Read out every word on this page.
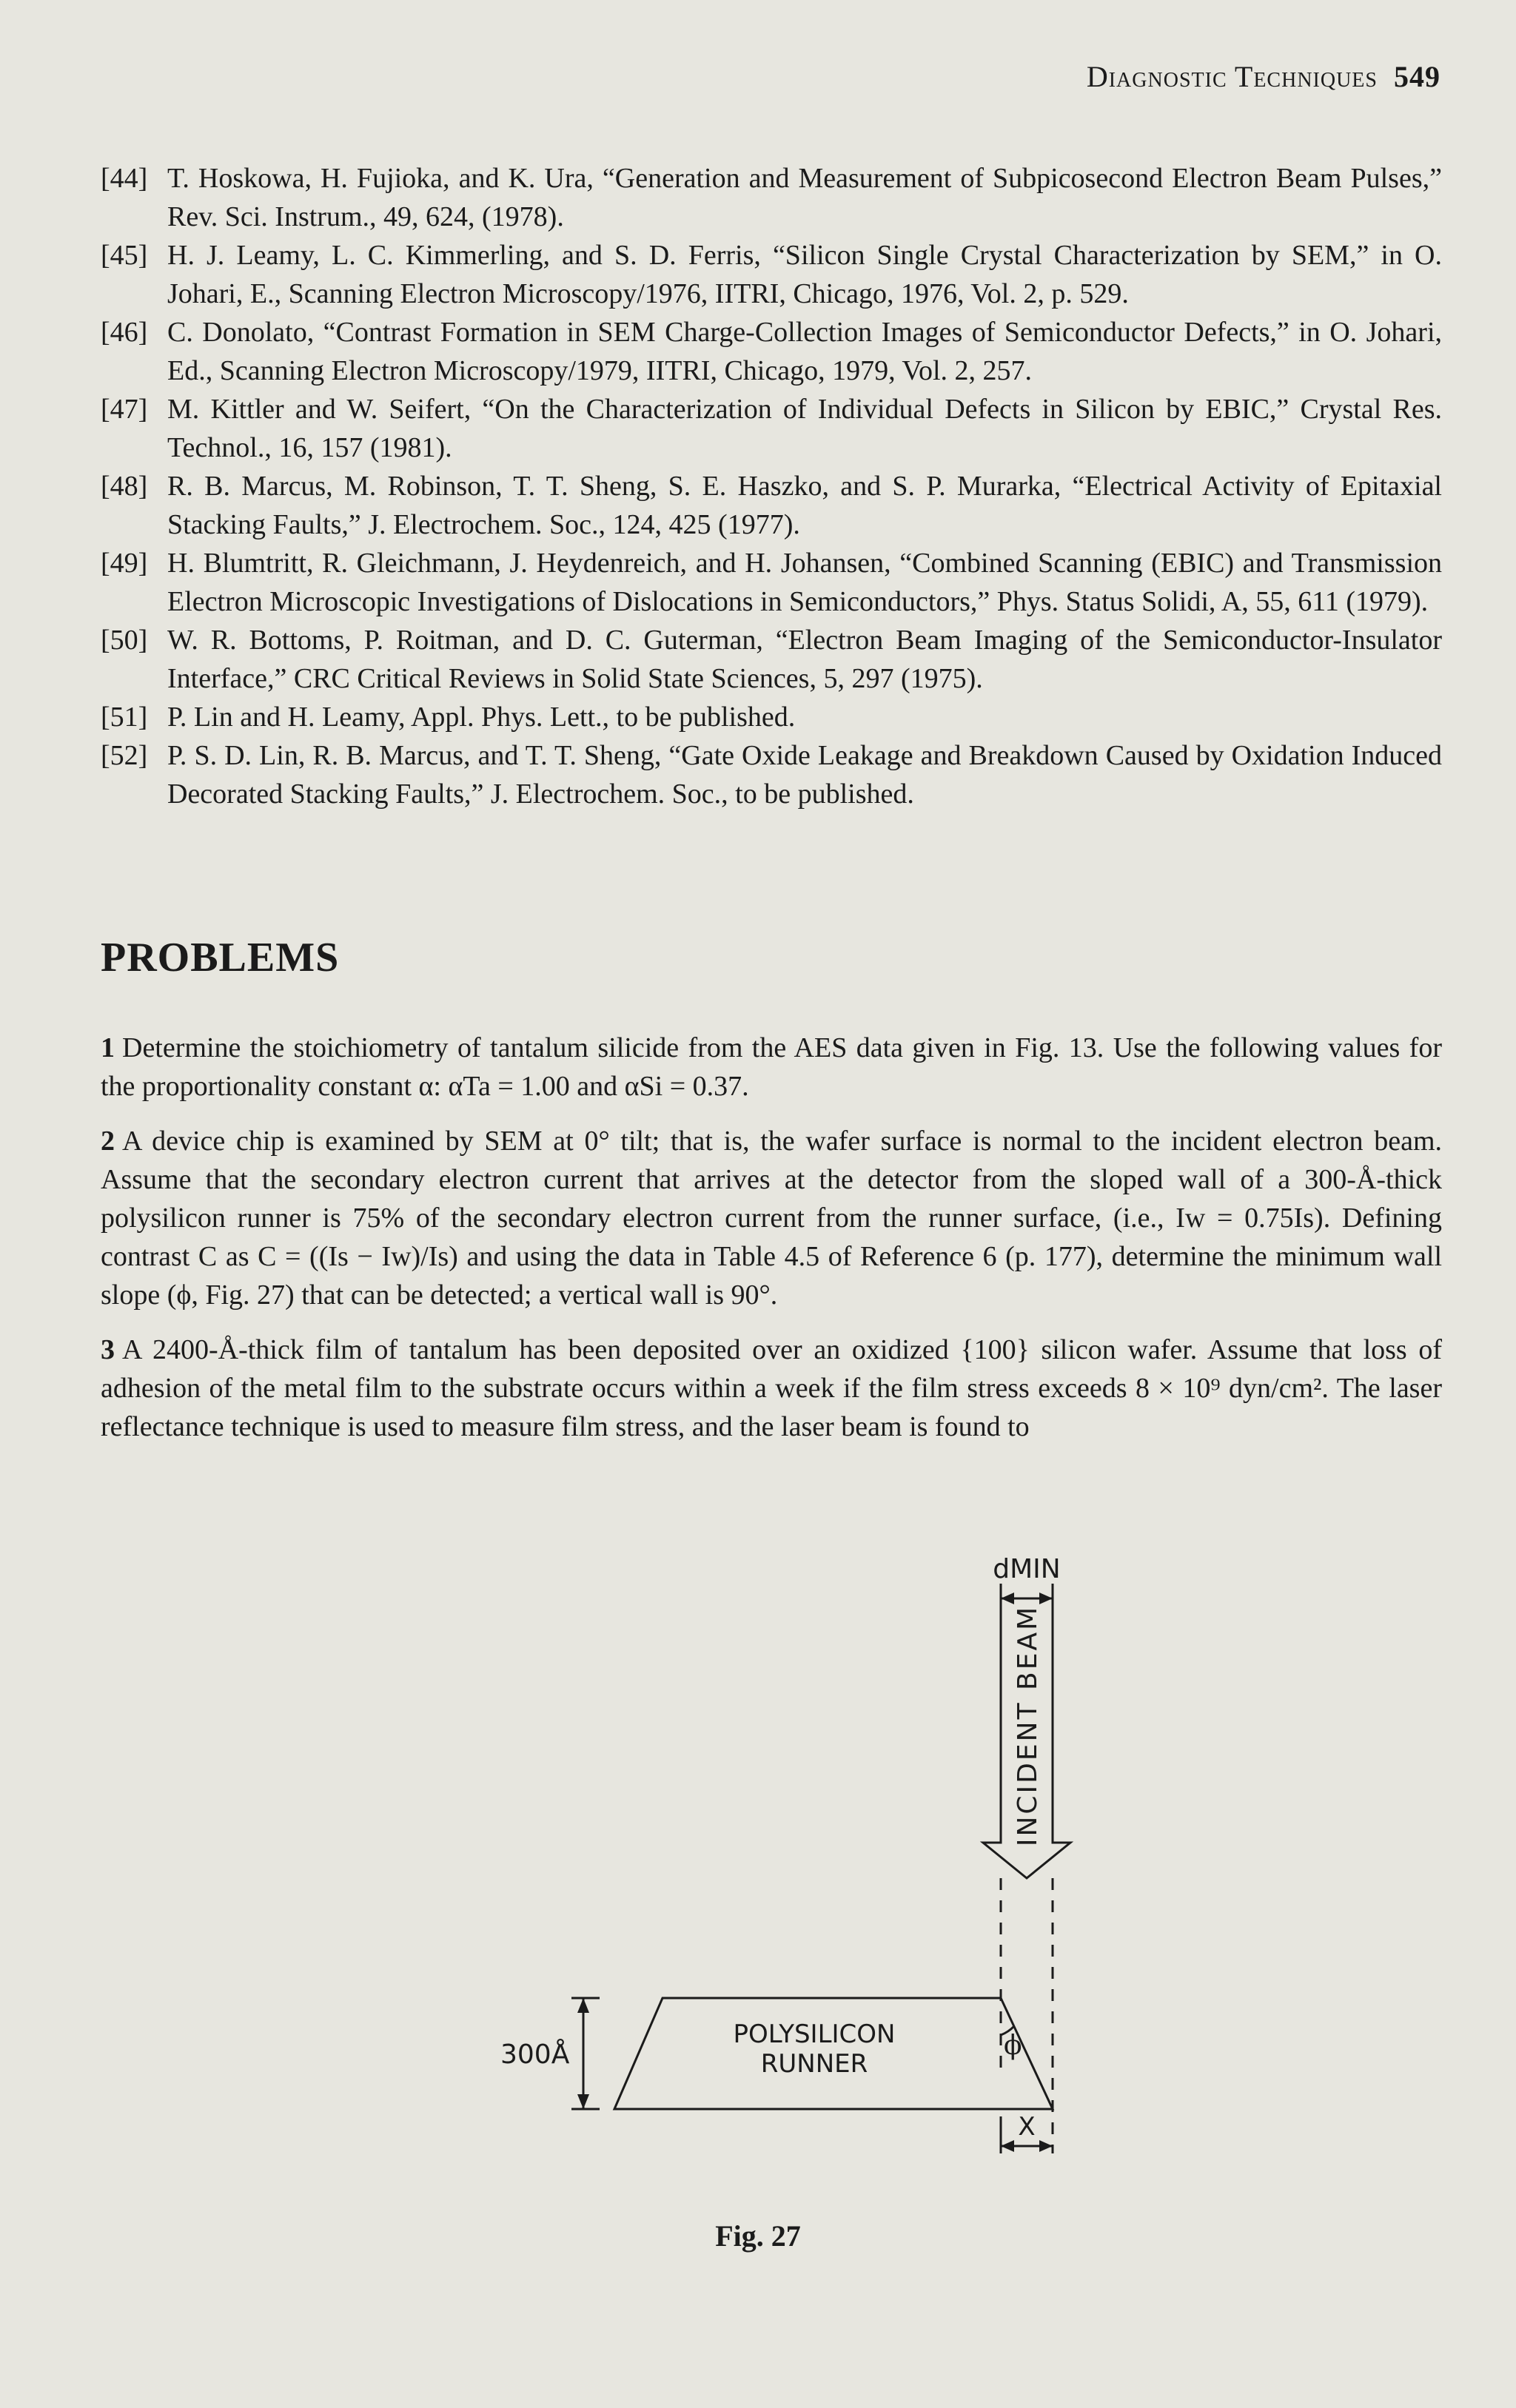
Diagnostic Techniques 549
[44] T. Hoskowa, H. Fujioka, and K. Ura, “Generation and Measurement of Subpicosecond Electron Beam Pulses,” Rev. Sci. Instrum., 49, 624, (1978).
[45] H. J. Leamy, L. C. Kimmerling, and S. D. Ferris, “Silicon Single Crystal Characterization by SEM,” in O. Johari, E., Scanning Electron Microscopy/1976, IITRI, Chicago, 1976, Vol. 2, p. 529.
[46] C. Donolato, “Contrast Formation in SEM Charge-Collection Images of Semiconductor Defects,” in O. Johari, Ed., Scanning Electron Microscopy/1979, IITRI, Chicago, 1979, Vol. 2, 257.
[47] M. Kittler and W. Seifert, “On the Characterization of Individual Defects in Silicon by EBIC,” Crystal Res. Technol., 16, 157 (1981).
[48] R. B. Marcus, M. Robinson, T. T. Sheng, S. E. Haszko, and S. P. Murarka, “Electrical Activity of Epitaxial Stacking Faults,” J. Electrochem. Soc., 124, 425 (1977).
[49] H. Blumtritt, R. Gleichmann, J. Heydenreich, and H. Johansen, “Combined Scanning (EBIC) and Transmission Electron Microscopic Investigations of Dislocations in Semiconductors,” Phys. Status Solidi, A, 55, 611 (1979).
[50] W. R. Bottoms, P. Roitman, and D. C. Guterman, “Electron Beam Imaging of the Semiconductor-Insulator Interface,” CRC Critical Reviews in Solid State Sciences, 5, 297 (1975).
[51] P. Lin and H. Leamy, Appl. Phys. Lett., to be published.
[52] P. S. D. Lin, R. B. Marcus, and T. T. Sheng, “Gate Oxide Leakage and Breakdown Caused by Oxidation Induced Decorated Stacking Faults,” J. Electrochem. Soc., to be published.
PROBLEMS
1 Determine the stoichiometry of tantalum silicide from the AES data given in Fig. 13. Use the following values for the proportionality constant α: αTa = 1.00 and αSi = 0.37.
2 A device chip is examined by SEM at 0° tilt; that is, the wafer surface is normal to the incident electron beam. Assume that the secondary electron current that arrives at the detector from the sloped wall of a 300-Å-thick polysilicon runner is 75% of the secondary electron current from the runner surface, (i.e., Iw = 0.75Is). Defining contrast C as C = ((Is − Iw)/Is) and using the data in Table 4.5 of Reference 6 (p. 177), determine the minimum wall slope (ϕ, Fig. 27) that can be detected; a vertical wall is 90°.
3 A 2400-Å-thick film of tantalum has been deposited over an oxidized {100} silicon wafer. Assume that loss of adhesion of the metal film to the substrate occurs within a week if the film stress exceeds 8 × 10⁹ dyn/cm². The laser reflectance technique is used to measure film stress, and the laser beam is found to
dMIN
INCIDENT BEAM
POLYSILICON
RUNNER
300Å	ϕ
X
Fig. 27
